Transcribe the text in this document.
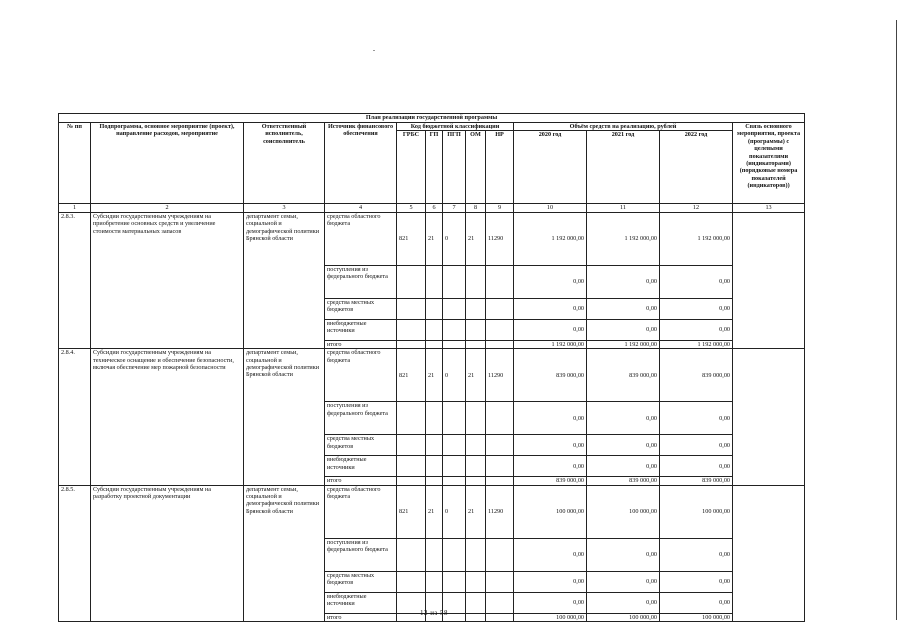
План реализации государственной программы												
№ пп	Подпрограмма, основное мероприятие (проект), направление расходов, мероприятие	Ответственный исполнитель, соисполнитель	Источник финансового обеспечения	Код бюджетной классификации					Объём средств на реализацию, рублей			Связь основного мероприятия, проекта (программы) с целевыми показателями (индикаторами) (порядковые номера показателей (индикаторов))
				ГРБС	ГП	ПГП	ОМ	НР	2020 год	2021 год	2022 год	
1	2	3	4	5	6	7	8	9	10	11	12	13
2.8.3.	Субсидии государственным учреждениям на приобретение основных средств и увеличение стоимости материальных запасов	департамент семьи, социальной и демографической политики Брянской области	средства областного бюджета	821	21	0	21	11290	1 192 000,00	1 192 000,00	1 192 000,00	
			поступления из федерального бюджета						0,00	0,00	0,00	
			средства местных бюджетов						0,00	0,00	0,00	
			внебюджетные источники						0,00	0,00	0,00	
			итого						1 192 000,00	1 192 000,00	1 192 000,00	
2.8.4.	Субсидии государственным учреждениям на техническое оснащение и обеспечение безопасности, включая обеспечение мер пожарной безопасности	департамент семьи, социальной и демографической политики Брянской области	средства областного бюджета	821	21	0	21	11290	839 000,00	839 000,00	839 000,00	
			поступления из федерального бюджета						0,00	0,00	0,00	
			средства местных бюджетов						0,00	0,00	0,00	
			внебюджетные источники						0,00	0,00	0,00	
			итого						839 000,00	839 000,00	839 000,00	
2.8.5.	Субсидии государственным учреждениям на разработку проектной документации	департамент семьи, социальной и демографической политики Брянской области	средства областного бюджета	821	21	0	21	11290	100 000,00	100 000,00	100 000,00	
			поступления из федерального бюджета						0,00	0,00	0,00	
			средства местных бюджетов						0,00	0,00	0,00	
			внебюджетные источники						0,00	0,00	0,00	
			итого						100 000,00	100 000,00	100 000,00	
12 из 58
